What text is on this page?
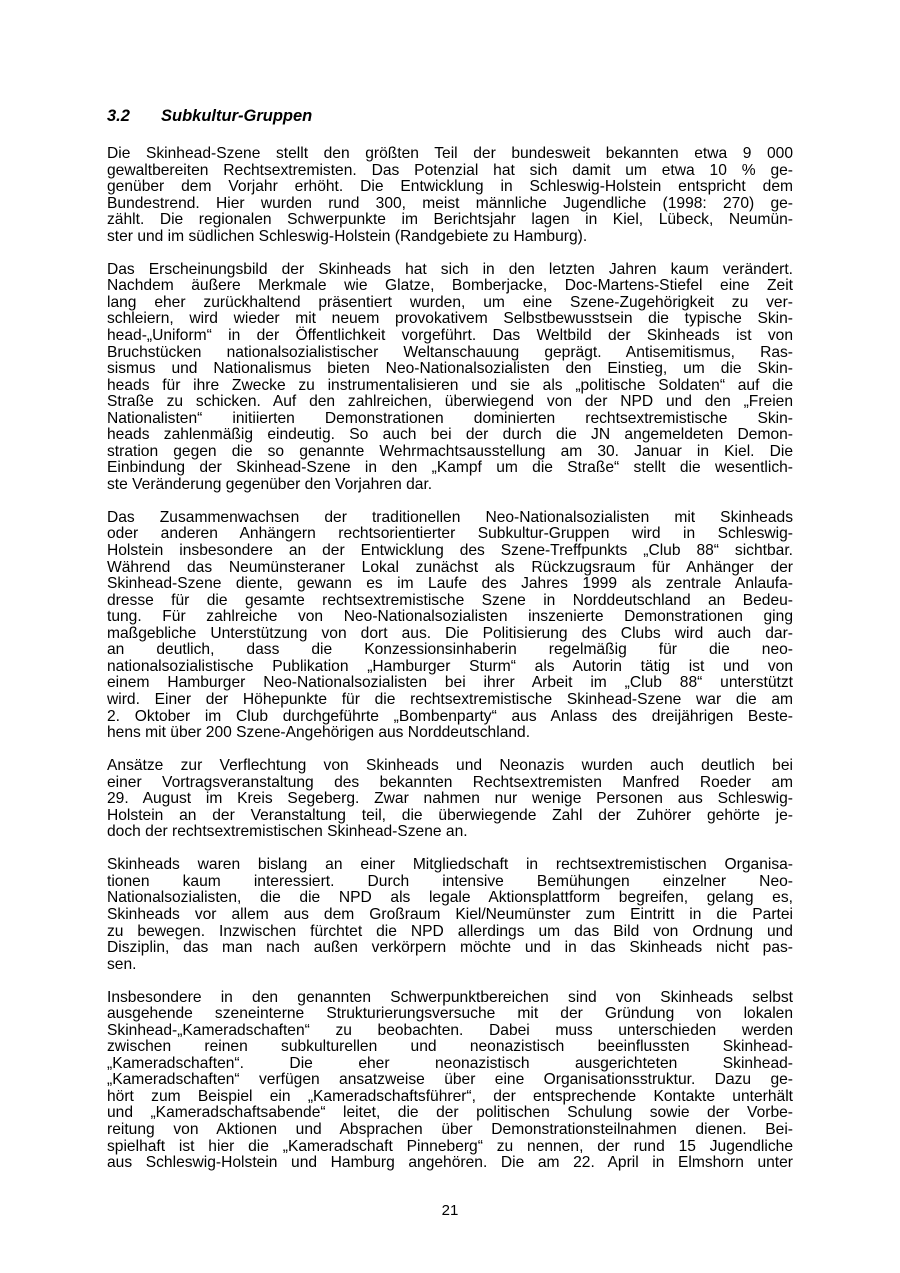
3.2 Subkultur-Gruppen

Die Skinhead-Szene stellt den größten Teil der bundesweit bekannten etwa 9 000
gewaltbereiten Rechtsextremisten. Das Potenzial hat sich damit um etwa 10 % ge-
genüber dem Vorjahr erhöht. Die Entwicklung in Schleswig-Holstein entspricht dem
Bundestrend. Hier wurden rund 300, meist männliche Jugendliche (1998: 270) ge-
zählt. Die regionalen Schwerpunkte im Berichtsjahr lagen in Kiel, Lübeck, Neumün-
ster und im südlichen Schleswig-Holstein (Randgebiete zu Hamburg).

Das Erscheinungsbild der Skinheads hat sich in den letzten Jahren kaum verändert.
Nachdem äußere Merkmale wie Glatze, Bomberjacke, Doc-Martens-Stiefel eine Zeit
lang eher zurückhaltend präsentiert wurden, um eine Szene-Zugehörigkeit zu ver-
schleiern, wird wieder mit neuem provokativem Selbstbewusstsein die typische Skin-
head-„Uniform“ in der Öffentlichkeit vorgeführt. Das Weltbild der Skinheads ist von
Bruchstücken nationalsozialistischer Weltanschauung geprägt. Antisemitismus, Ras-
sismus und Nationalismus bieten Neo-Nationalsozialisten den Einstieg, um die Skin-
heads für ihre Zwecke zu instrumentalisieren und sie als „politische Soldaten“ auf die
Straße zu schicken. Auf den zahlreichen, überwiegend von der NPD und den „Freien
Nationalisten“ initiierten Demonstrationen dominierten rechtsextremistische Skin-
heads zahlenmäßig eindeutig. So auch bei der durch die JN angemeldeten Demon-
stration gegen die so genannte Wehrmachtsausstellung am 30. Januar in Kiel. Die
Einbindung der Skinhead-Szene in den „Kampf um die Straße“ stellt die wesentlich-
ste Veränderung gegenüber den Vorjahren dar.

Das Zusammenwachsen der traditionellen Neo-Nationalsozialisten mit Skinheads
oder anderen Anhängern rechtsorientierter Subkultur-Gruppen wird in Schleswig-
Holstein insbesondere an der Entwicklung des Szene-Treffpunkts „Club 88“ sichtbar.
Während das Neumünsteraner Lokal zunächst als Rückzugsraum für Anhänger der
Skinhead-Szene diente, gewann es im Laufe des Jahres 1999 als zentrale Anlaufa-
dresse für die gesamte rechtsextremistische Szene in Norddeutschland an Bedeu-
tung. Für zahlreiche von Neo-Nationalsozialisten inszenierte Demonstrationen ging
maßgebliche Unterstützung von dort aus. Die Politisierung des Clubs wird auch dar-
an deutlich, dass die Konzessionsinhaberin regelmäßig für die neo-
nationalsozialistische Publikation „Hamburger Sturm“ als Autorin tätig ist und von
einem Hamburger Neo-Nationalsozialisten bei ihrer Arbeit im „Club 88“ unterstützt
wird. Einer der Höhepunkte für die rechtsextremistische Skinhead-Szene war die am
2. Oktober im Club durchgeführte „Bombenparty“ aus Anlass des dreijährigen Beste-
hens mit über 200 Szene-Angehörigen aus Norddeutschland.

Ansätze zur Verflechtung von Skinheads und Neonazis wurden auch deutlich bei
einer Vortragsveranstaltung des bekannten Rechtsextremisten Manfred Roeder am
29. August im Kreis Segeberg. Zwar nahmen nur wenige Personen aus Schleswig-
Holstein an der Veranstaltung teil, die überwiegende Zahl der Zuhörer gehörte je-
doch der rechtsextremistischen Skinhead-Szene an.

Skinheads waren bislang an einer Mitgliedschaft in rechtsextremistischen Organisa-
tionen kaum interessiert. Durch intensive Bemühungen einzelner Neo-
Nationalsozialisten, die die NPD als legale Aktionsplattform begreifen, gelang es,
Skinheads vor allem aus dem Großraum Kiel/Neumünster zum Eintritt in die Partei
zu bewegen. Inzwischen fürchtet die NPD allerdings um das Bild von Ordnung und
Disziplin, das man nach außen verkörpern möchte und in das Skinheads nicht pas-
sen.

Insbesondere in den genannten Schwerpunktbereichen sind von Skinheads selbst
ausgehende szeneinterne Strukturierungsversuche mit der Gründung von lokalen
Skinhead-„Kameradschaften“ zu beobachten. Dabei muss unterschieden werden
zwischen reinen subkulturellen und neonazistisch beeinflussten Skinhead-
„Kameradschaften“. Die eher neonazistisch ausgerichteten Skinhead-
„Kameradschaften“ verfügen ansatzweise über eine Organisationsstruktur. Dazu ge-
hört zum Beispiel ein „Kameradschaftsführer“, der entsprechende Kontakte unterhält
und „Kameradschaftsabende“ leitet, die der politischen Schulung sowie der Vorbe-
reitung von Aktionen und Absprachen über Demonstrationsteilnahmen dienen. Bei-
spielhaft ist hier die „Kameradschaft Pinneberg“ zu nennen, der rund 15 Jugendliche
aus Schleswig-Holstein und Hamburg angehören. Die am 22. April in Elmshorn unter

21
